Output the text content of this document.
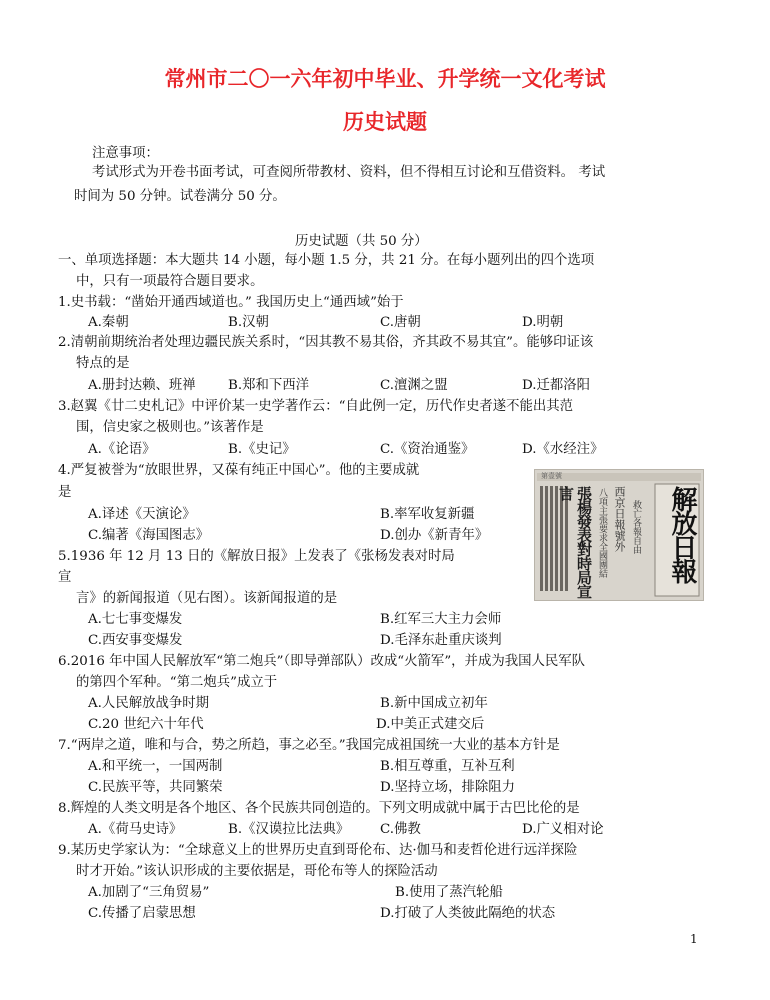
常州市二〇一六年初中毕业、升学统一文化考试
历史试题
注意事项：
考试形式为开卷书面考试，可查阅所带教材、资料，但不得相互讨论和互借资料。 考试
时间为 50 分钟。试卷满分 50 分。
历史试题（共 50 分）
一、单项选择题：本大题共 14 小题，每小题 1.5 分，共 21 分。在每小题列出的四个选项
中，只有一项最符合题目要求。
1.史书载：“凿始开通西域道也。” 我国历史上“通西域”始于
A.秦朝	B.汉朝	C.唐朝	D.明朝
2.清朝前期统治者处理边疆民族关系时，“因其教不易其俗，齐其政不易其宜”。能够印证该
特点的是
A.册封达赖、班禅 B.郑和下西洋	C.澶渊之盟	D.迁都洛阳
3.赵翼《廿二史札记》中评价某一史学著作云：“自此例一定，历代作史者遂不能出其范
围，信史家之极则也。”该著作是
A.《论语》	B.《史记》	C.《资治通鉴》	D.《水经注》
4.严复被誉为“放眼世界，又葆有纯正中国心”。他的主要成就
是
A.译述《天演论》	B.率军收复新疆
C.编著《海国图志》	D.创办《新青年》
5.1936 年 12 月 13 日的《解放日报》上发表了《张杨发表对时局
宣
言》的新闻报道（见右图）。该新闻报道的是
A.七七事变爆发	B.红军三大主力会师
C.西安事变爆发	D.毛泽东赴重庆谈判
第壹號
張楊發表對時局宣言	西京日報號外
八項主張要求全國團結	救亡各報自由	解放日報
6.2016 年中国人民解放军“第二炮兵”（即导弹部队）改成“火箭军”，并成为我国人民军队
的第四个军种。“第二炮兵”成立于
A.人民解放战争时期	B.新中国成立初年
C.20 世纪六十年代	D.中美正式建交后
7.“两岸之道，唯和与合，势之所趋，事之必至。”我国完成祖国统一大业的基本方针是
A.和平统一，一国两制	B.相互尊重，互补互利
C.民族平等，共同繁荣	D.坚持立场，排除阻力
8.辉煌的人类文明是各个地区、各个民族共同创造的。下列文明成就中属于古巴比伦的是
A.《荷马史诗》	B.《汉谟拉比法典》 C.佛教	D.广义相对论
9.某历史学家认为：“全球意义上的世界历史直到哥伦布、达·伽马和麦哲伦进行远洋探险
时才开始。”该认识形成的主要依据是，哥伦布等人的探险活动
A.加剧了“三角贸易”	B.使用了蒸汽轮船
C.传播了启蒙思想	D.打破了人类彼此隔绝的状态
1
